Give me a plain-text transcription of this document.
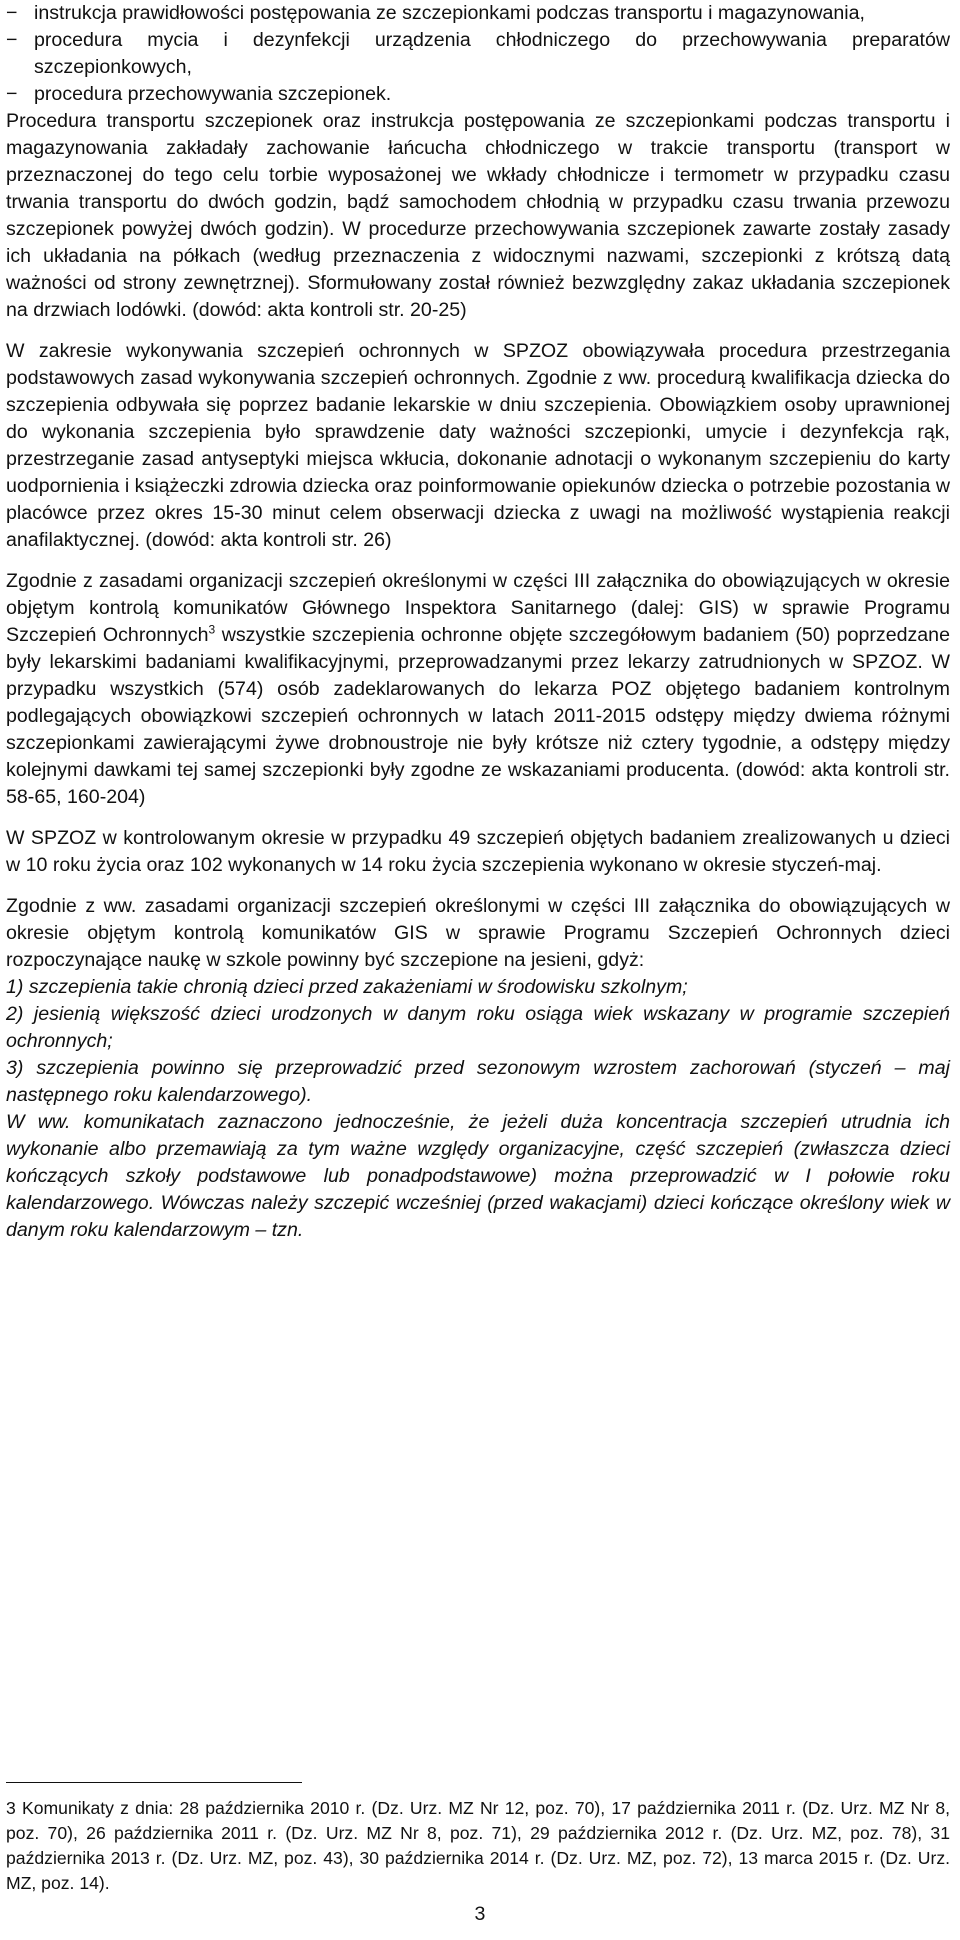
− instrukcja prawidłowości postępowania ze szczepionkami podczas transportu i magazynowania,
− procedura mycia i dezynfekcji urządzenia chłodniczego do przechowywania preparatów szczepionkowych,
− procedura przechowywania szczepionek.

Procedura transportu szczepionek oraz instrukcja postępowania ze szczepionkami podczas transportu i magazynowania zakładały zachowanie łańcucha chłodniczego w trakcie transportu (transport w przeznaczonej do tego celu torbie wyposażonej we wkłady chłodnicze i termometr w przypadku czasu trwania transportu do dwóch godzin, bądź samochodem chłodnią w przypadku czasu trwania przewozu szczepionek powyżej dwóch godzin). W procedurze przechowywania szczepionek zawarte zostały zasady ich układania na półkach (według przeznaczenia z widocznymi nazwami, szczepionki z krótszą datą ważności od strony zewnętrznej). Sformułowany został również bezwzględny zakaz układania szczepionek na drzwiach lodówki. (dowód: akta kontroli str. 20-25)

W zakresie wykonywania szczepień ochronnych w SPZOZ obowiązywała procedura przestrzegania podstawowych zasad wykonywania szczepień ochronnych. Zgodnie z ww. procedurą kwalifikacja dziecka do szczepienia odbywała się poprzez badanie lekarskie w dniu szczepienia. Obowiązkiem osoby uprawnionej do wykonania szczepienia było sprawdzenie daty ważności szczepionki, umycie i dezynfekcja rąk, przestrzeganie zasad antyseptyki miejsca wkłucia, dokonanie adnotacji o wykonanym szczepieniu do karty uodpornienia i książeczki zdrowia dziecka oraz poinformowanie opiekunów dziecka o potrzebie pozostania w placówce przez okres 15-30 minut celem obserwacji dziecka z uwagi na możliwość wystąpienia reakcji anafilaktycznej. (dowód: akta kontroli str. 26)

Zgodnie z zasadami organizacji szczepień określonymi w części III załącznika do obowiązujących w okresie objętym kontrolą komunikatów Głównego Inspektora Sanitarnego (dalej: GIS) w sprawie Programu Szczepień Ochronnych$^3$ wszystkie szczepienia ochronne objęte szczegółowym badaniem (50) poprzedzane były lekarskimi badaniami kwalifikacyjnymi, przeprowadzanymi przez lekarzy zatrudnionych w SPZOZ. W przypadku wszystkich (574) osób zadeklarowanych do lekarza POZ objętego badaniem kontrolnym podlegających obowiązkowi szczepień ochronnych w latach 2011-2015 odstępy między dwiema różnymi szczepionkami zawierającymi żywe drobnoustroje nie były krótsze niż cztery tygodnie, a odstępy między kolejnymi dawkami tej samej szczepionki były zgodne ze wskazaniami producenta. (dowód: akta kontroli str. 58-65, 160-204)

W SPZOZ w kontrolowanym okresie w przypadku 49 szczepień objętych badaniem zrealizowanych u dzieci w 10 roku życia oraz 102 wykonanych w 14 roku życia szczepienia wykonano w okresie styczeń-maj.

Zgodnie z ww. zasadami organizacji szczepień określonymi w części III załącznika do obowiązujących w okresie objętym kontrolą komunikatów GIS w sprawie Programu Szczepień Ochronnych dzieci rozpoczynające naukę w szkole powinny być szczepione na jesieni, gdyż:

1) szczepienia takie chronią dzieci przed zakażeniami w środowisku szkolnym;

2) jesienią większość dzieci urodzonych w danym roku osiąga wiek wskazany w programie szczepień ochronnych;

3) szczepienia powinno się przeprowadzić przed sezonowym wzrostem zachorowań (styczeń – maj następnego roku kalendarzowego).

W ww. komunikatach zaznaczono jednocześnie, że jeżeli duża koncentracja szczepień utrudnia ich wykonanie albo przemawiają za tym ważne względy organizacyjne, część szczepień (zwłaszcza dzieci kończących szkoły podstawowe lub ponadpodstawowe) można przeprowadzić w I połowie roku kalendarzowego. Wówczas należy szczepić wcześniej (przed wakacjami) dzieci kończące określony wiek w danym roku kalendarzowym – tzn.

3 Komunikaty z dnia: 28 października 2010 r. (Dz. Urz. MZ Nr 12, poz. 70), 17 października 2011 r. (Dz. Urz. MZ Nr 8, poz. 70), 26 października 2011 r. (Dz. Urz. MZ Nr 8, poz. 71), 29 października 2012 r. (Dz. Urz. MZ, poz. 78), 31 października 2013 r. (Dz. Urz. MZ, poz. 43), 30 października 2014 r. (Dz. Urz. MZ, poz. 72), 13 marca 2015 r. (Dz. Urz. MZ, poz. 14).

3
